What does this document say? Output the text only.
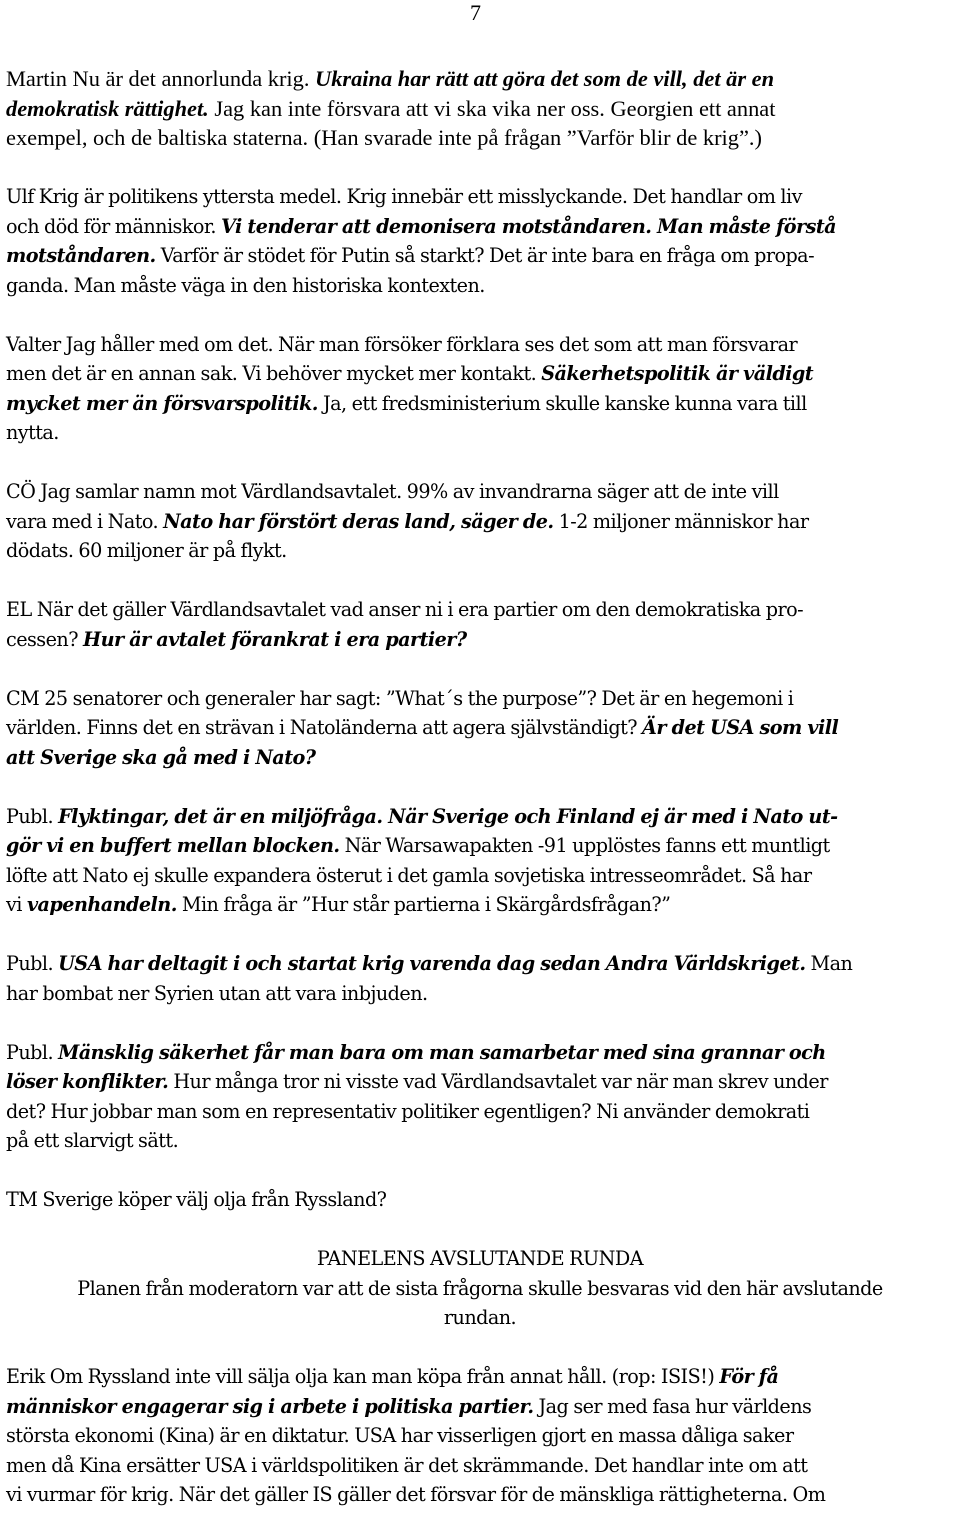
7

Martin Nu är det annorlunda krig. Ukraina har rätt att göra det som de vill, det är en
demokratisk rättighet. Jag kan inte försvara att vi ska vika ner oss. Georgien ett annat
exempel, och de baltiska staterna. (Han svarade inte på frågan ”Varför blir de krig”.)

Ulf Krig är politikens yttersta medel. Krig innebär ett misslyckande. Det handlar om liv
och död för människor. Vi tenderar att demonisera motståndaren. Man måste förstå
motståndaren. Varför är stödet för Putin så starkt? Det är inte bara en fråga om propa-
ganda. Man måste väga in den historiska kontexten.

Valter Jag håller med om det. När man försöker förklara ses det som att man försvarar
men det är en annan sak. Vi behöver mycket mer kontakt. Säkerhetspolitik är väldigt
mycket mer än försvarspolitik. Ja, ett fredsministerium skulle kanske kunna vara till
nytta.

CÖ Jag samlar namn mot Värdlandsavtalet. 99% av invandrarna säger att de inte vill
vara med i Nato. Nato har förstört deras land, säger de. 1-2 miljoner människor har
dödats. 60 miljoner är på flykt.

EL När det gäller Värdlandsavtalet vad anser ni i era partier om den demokratiska pro-
cessen? Hur är avtalet förankrat i era partier?

CM 25 senatorer och generaler har sagt: ”What´s the purpose”? Det är en hegemoni i
världen. Finns det en strävan i Natoländerna att agera självständigt? Är det USA som vill
att Sverige ska gå med i Nato?

Publ. Flyktingar, det är en miljöfråga. När Sverige och Finland ej är med i Nato ut-
gör vi en buffert mellan blocken. När Warsawapakten -91 upplöstes fanns ett muntligt
löfte att Nato ej skulle expandera österut i det gamla sovjetiska intresseområdet. Så har
vi vapenhandeln. Min fråga är ”Hur står partierna i Skärgårdsfrågan?”

Publ. USA har deltagit i och startat krig varenda dag sedan Andra Världskriget. Man
har bombat ner Syrien utan att vara inbjuden.

Publ. Mänsklig säkerhet får man bara om man samarbetar med sina grannar och
löser konflikter. Hur många tror ni visste vad Värdlandsavtalet var när man skrev under
det? Hur jobbar man som en representativ politiker egentligen? Ni använder demokrati
på ett slarvigt sätt.

TM Sverige köper välj olja från Ryssland?

PANELENS AVSLUTANDE RUNDA

Planen från moderatorn var att de sista frågorna skulle besvaras vid den här avslutande
rundan.

Erik Om Ryssland inte vill sälja olja kan man köpa från annat håll. (rop: ISIS!) För få
människor engagerar sig i arbete i politiska partier. Jag ser med fasa hur världens
största ekonomi (Kina) är en diktatur. USA har visserligen gjort en massa dåliga saker
men då Kina ersätter USA i världspolitiken är det skrämmande. Det handlar inte om att
vi vurmar för krig. När det gäller IS gäller det försvar för de mänskliga rättigheterna. Om
